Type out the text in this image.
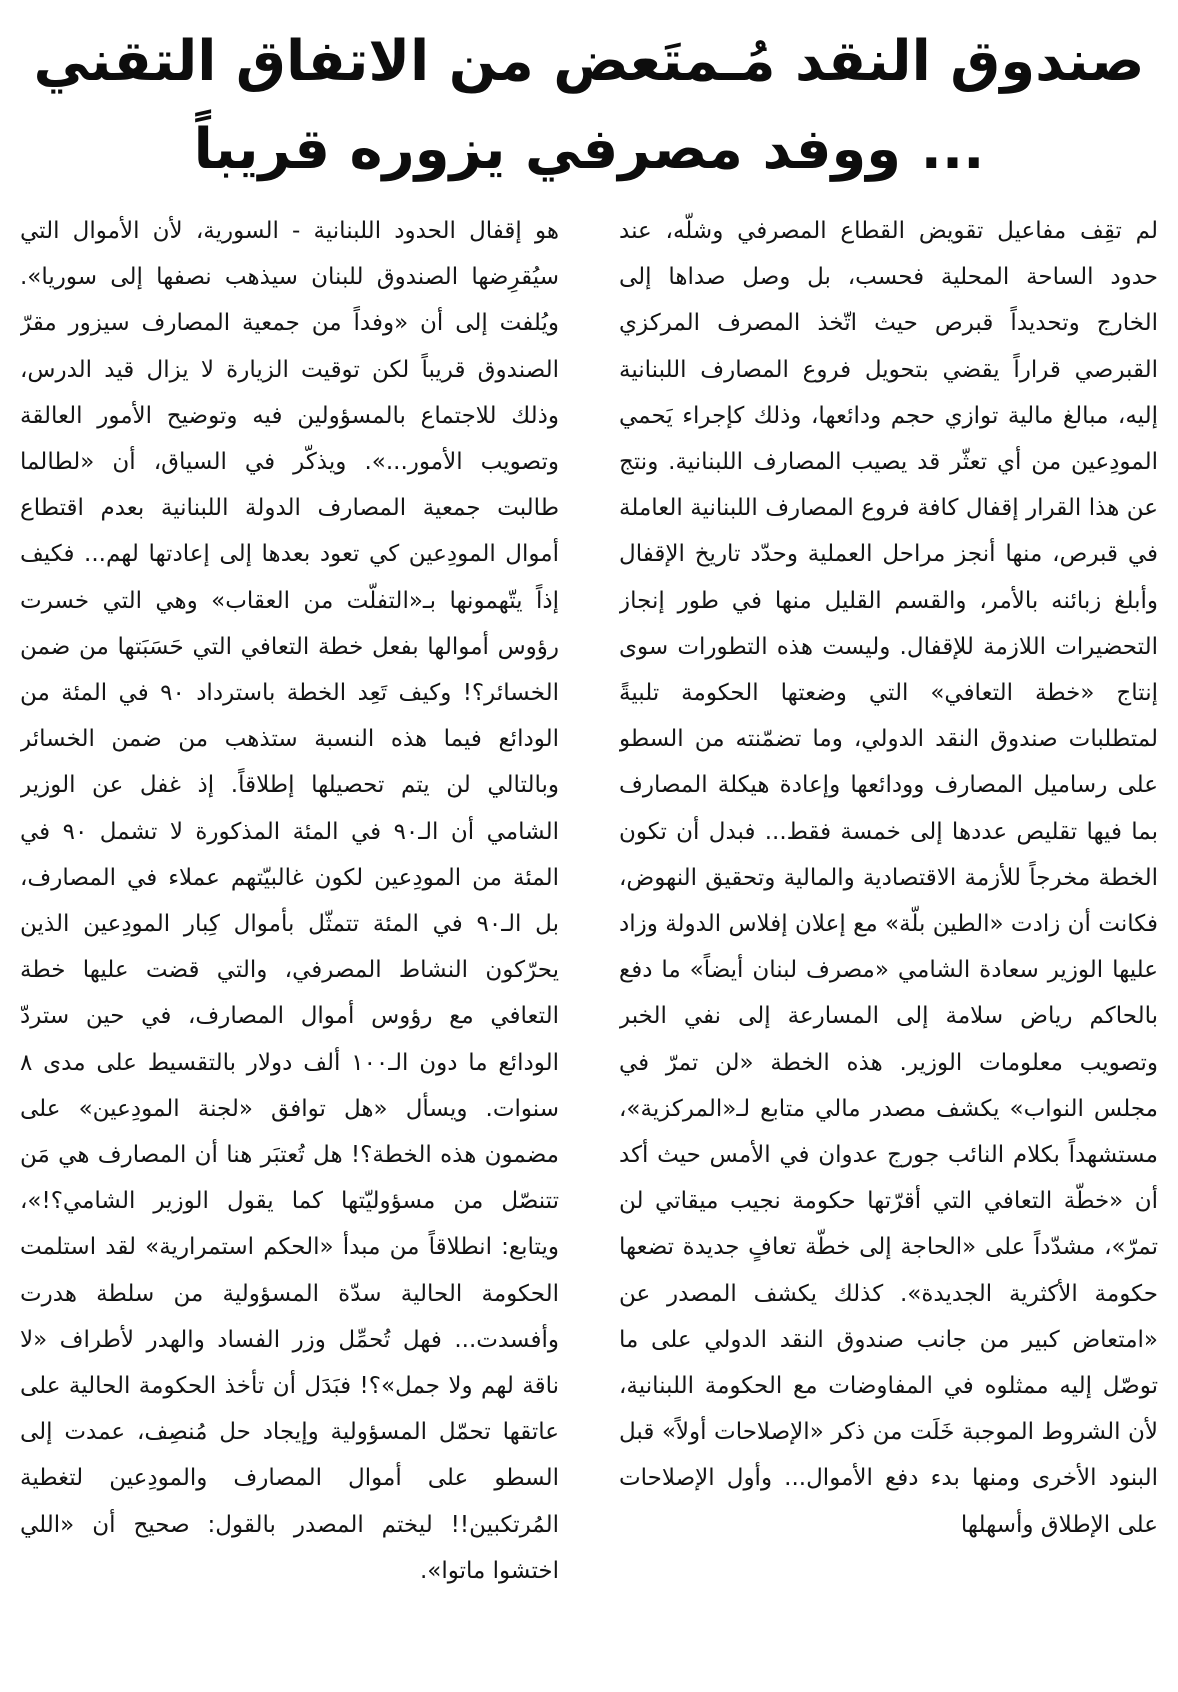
صندوق النقد مُـمتَعض من الاتفاق التقني
... ووفد مصرفي يزوره قريباً

لم تقِف مفاعيل تقويض القطاع المصرفي وشلّه، عند حدود الساحة المحلية فحسب، بل وصل صداها إلى الخارج وتحديداً قبرص حيث اتّخذ المصرف المركزي القبرصي قراراً يقضي بتحويل فروع المصارف اللبنانية إليه، مبالغ مالية توازي حجم ودائعها، وذلك كإجراء يَحمي المودِعين من أي تعثّر قد يصيب المصارف اللبنانية. ونتج عن هذا القرار إقفال كافة فروع المصارف اللبنانية العاملة في قبرص، منها أنجز مراحل العملية وحدّد تاريخ الإقفال وأبلغ زبائنه بالأمر، والقسم القليل منها في طور إنجاز التحضيرات اللازمة للإقفال. وليست هذه التطورات سوى إنتاج «خطة التعافي» التي وضعتها الحكومة تلبيةً لمتطلبات صندوق النقد الدولي، وما تضمّنته من السطو على رساميل المصارف وودائعها وإعادة هيكلة المصارف بما فيها تقليص عددها إلى خمسة فقط... فبدل أن تكون الخطة مخرجاً للأزمة الاقتصادية والمالية وتحقيق النهوض، فكانت أن زادت «الطين بلّة» مع إعلان إفلاس الدولة وزاد عليها الوزير سعادة الشامي «مصرف لبنان أيضاً» ما دفع بالحاكم رياض سلامة إلى المسارعة إلى نفي الخبر وتصويب معلومات الوزير. هذه الخطة «لن تمرّ في مجلس النواب» يكشف مصدر مالي متابع لـ«المركزية»، مستشهداً بكلام النائب جورج عدوان في الأمس حيث أكد أن «خطّة التعافي التي أقرّتها حكومة نجيب ميقاتي لن تمرّ»، مشدّداً على «الحاجة إلى خطّة تعافٍ جديدة تضعها حكومة الأكثرية الجديدة». كذلك يكشف المصدر عن «امتعاض كبير من جانب صندوق النقد الدولي على ما توصّل إليه ممثلوه في المفاوضات مع الحكومة اللبنانية، لأن الشروط الموجبة خَلَت من ذكر «الإصلاحات أولاً» قبل البنود الأخرى ومنها بدء دفع الأموال... وأول الإصلاحات على الإطلاق وأسهلها

هو إقفال الحدود اللبنانية - السورية، لأن الأموال التي سيُقرِضها الصندوق للبنان سيذهب نصفها إلى سوريا». ويُلفت إلى أن «وفداً من جمعية المصارف سيزور مقرّ الصندوق قريباً لكن توقيت الزيارة لا يزال قيد الدرس، وذلك للاجتماع بالمسؤولين فيه وتوضيح الأمور العالقة وتصويب الأمور...». ويذكّر في السياق، أن «لطالما طالبت جمعية المصارف الدولة اللبنانية بعدم اقتطاع أموال المودِعين كي تعود بعدها إلى إعادتها لهم... فكيف إذاً يتّهمونها بـ«التفلّت من العقاب» وهي التي خسرت رؤوس أموالها بفعل خطة التعافي التي حَسَبَتها من ضمن الخسائر؟! وكيف تَعِد الخطة باسترداد ٩٠ في المئة من الودائع فيما هذه النسبة ستذهب من ضمن الخسائر وبالتالي لن يتم تحصيلها إطلاقاً. إذ غفل عن الوزير الشامي أن الـ٩٠ في المئة المذكورة لا تشمل ٩٠ في المئة من المودِعين لكون غالبيّتهم عملاء في المصارف، بل الـ٩٠ في المئة تتمثّل بأموال كِبار المودِعين الذين يحرّكون النشاط المصرفي، والتي قضت عليها خطة التعافي مع رؤوس أموال المصارف، في حين ستردّ الودائع ما دون الـ١٠٠ ألف دولار بالتقسيط على مدى ٨ سنوات. ويسأل «هل توافق «لجنة المودِعين» على مضمون هذه الخطة؟! هل تُعتبَر هنا أن المصارف هي مَن تتنصّل من مسؤوليّتها كما يقول الوزير الشامي؟!»، ويتابع: انطلاقاً من مبدأ «الحكم استمرارية» لقد استلمت الحكومة الحالية سدّة المسؤولية من سلطة هدرت وأفسدت... فهل تُحمِّل وزر الفساد والهدر لأطراف «لا ناقة لهم ولا جمل»؟! فبَدَل أن تأخذ الحكومة الحالية على عاتقها تحمّل المسؤولية وإيجاد حل مُنصِف، عمدت إلى السطو على أموال المصارف والمودِعين لتغطية المُرتكبين!! ليختم المصدر بالقول: صحيح أن «اللي اختشوا ماتوا».
